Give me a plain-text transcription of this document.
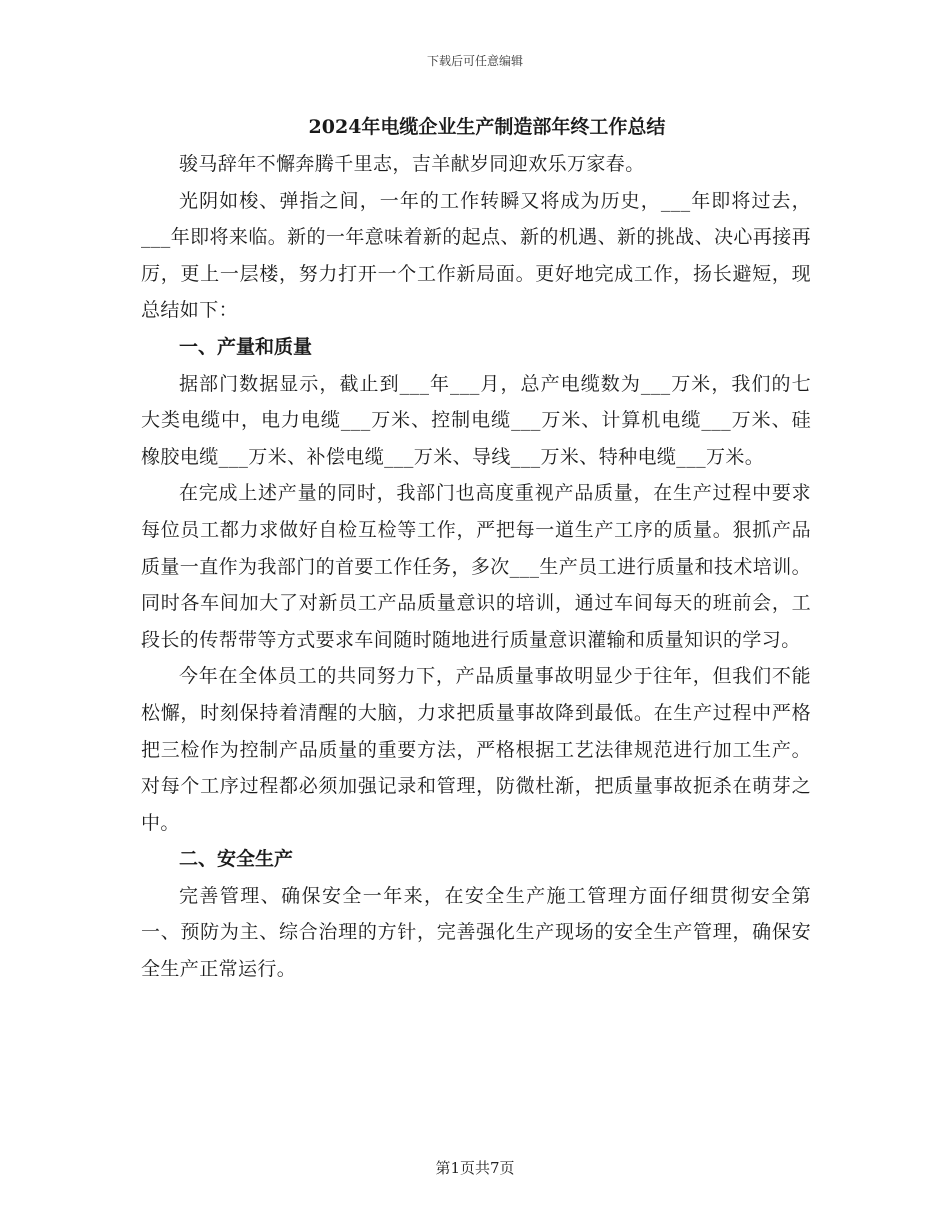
下载后可任意编辑
2024年电缆企业生产制造部年终工作总结

骏马辞年不懈奔腾千里志，吉羊献岁同迎欢乐万家春。

光阴如梭、弹指之间，一年的工作转瞬又将成为历史，___年即将过去，___年即将来临。新的一年意味着新的起点、新的机遇、新的挑战、决心再接再厉，更上一层楼，努力打开一个工作新局面。更好地完成工作，扬长避短，现总结如下：

一、产量和质量

据部门数据显示，截止到___年___月，总产电缆数为___万米，我们的七大类电缆中，电力电缆___万米、控制电缆___万米、计算机电缆___万米、硅橡胶电缆___万米、补偿电缆___万米、导线___万米、特种电缆___万米。

在完成上述产量的同时，我部门也高度重视产品质量，在生产过程中要求每位员工都力求做好自检互检等工作，严把每一道生产工序的质量。狠抓产品质量一直作为我部门的首要工作任务，多次___生产员工进行质量和技术培训。同时各车间加大了对新员工产品质量意识的培训，通过车间每天的班前会，工段长的传帮带等方式要求车间随时随地进行质量意识灌输和质量知识的学习。

今年在全体员工的共同努力下，产品质量事故明显少于往年，但我们不能松懈，时刻保持着清醒的大脑，力求把质量事故降到最低。在生产过程中严格把三检作为控制产品质量的重要方法，严格根据工艺法律规范进行加工生产。对每个工序过程都必须加强记录和管理，防微杜渐，把质量事故扼杀在萌芽之中。

二、安全生产

完善管理、确保安全一年来，在安全生产施工管理方面仔细贯彻安全第一、预防为主、综合治理的方针，完善强化生产现场的安全生产管理，确保安全生产正常运行。

第1页共7页
